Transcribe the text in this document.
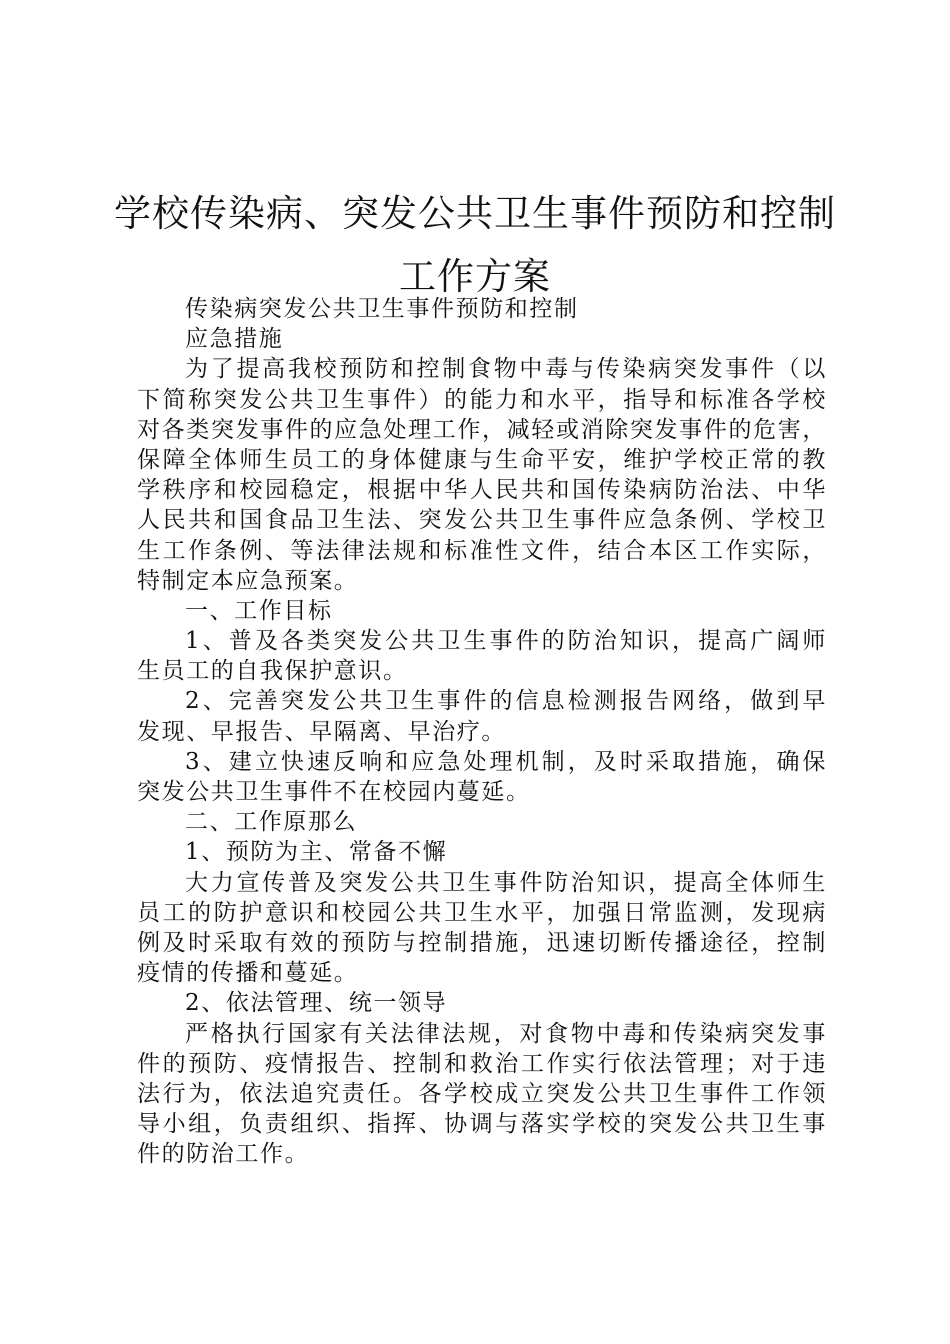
学校传染病、突发公共卫生事件预防和控制
工作方案
传染病突发公共卫生事件预防和控制
应急措施
为了提高我校预防和控制食物中毒与传染病突发事件（以
下简称突发公共卫生事件）的能力和水平，指导和标准各学校
对各类突发事件的应急处理工作，减轻或消除突发事件的危害，
保障全体师生员工的身体健康与生命平安，维护学校正常的教
学秩序和校园稳定，根据中华人民共和国传染病防治法、中华
人民共和国食品卫生法、突发公共卫生事件应急条例、学校卫
生工作条例、等法律法规和标准性文件，结合本区工作实际，
特制定本应急预案。
一、工作目标
1、普及各类突发公共卫生事件的防治知识，提高广阔师
生员工的自我保护意识。
2、完善突发公共卫生事件的信息检测报告网络，做到早
发现、早报告、早隔离、早治疗。
3、建立快速反响和应急处理机制，及时采取措施，确保
突发公共卫生事件不在校园内蔓延。
二、工作原那么
1、预防为主、常备不懈
大力宣传普及突发公共卫生事件防治知识，提高全体师生
员工的防护意识和校园公共卫生水平，加强日常监测，发现病
例及时采取有效的预防与控制措施，迅速切断传播途径，控制
疫情的传播和蔓延。
2、依法管理、统一领导
严格执行国家有关法律法规，对食物中毒和传染病突发事
件的预防、疫情报告、控制和救治工作实行依法管理；对于违
法行为，依法追究责任。各学校成立突发公共卫生事件工作领
导小组，负责组织、指挥、协调与落实学校的突发公共卫生事
件的防治工作。
